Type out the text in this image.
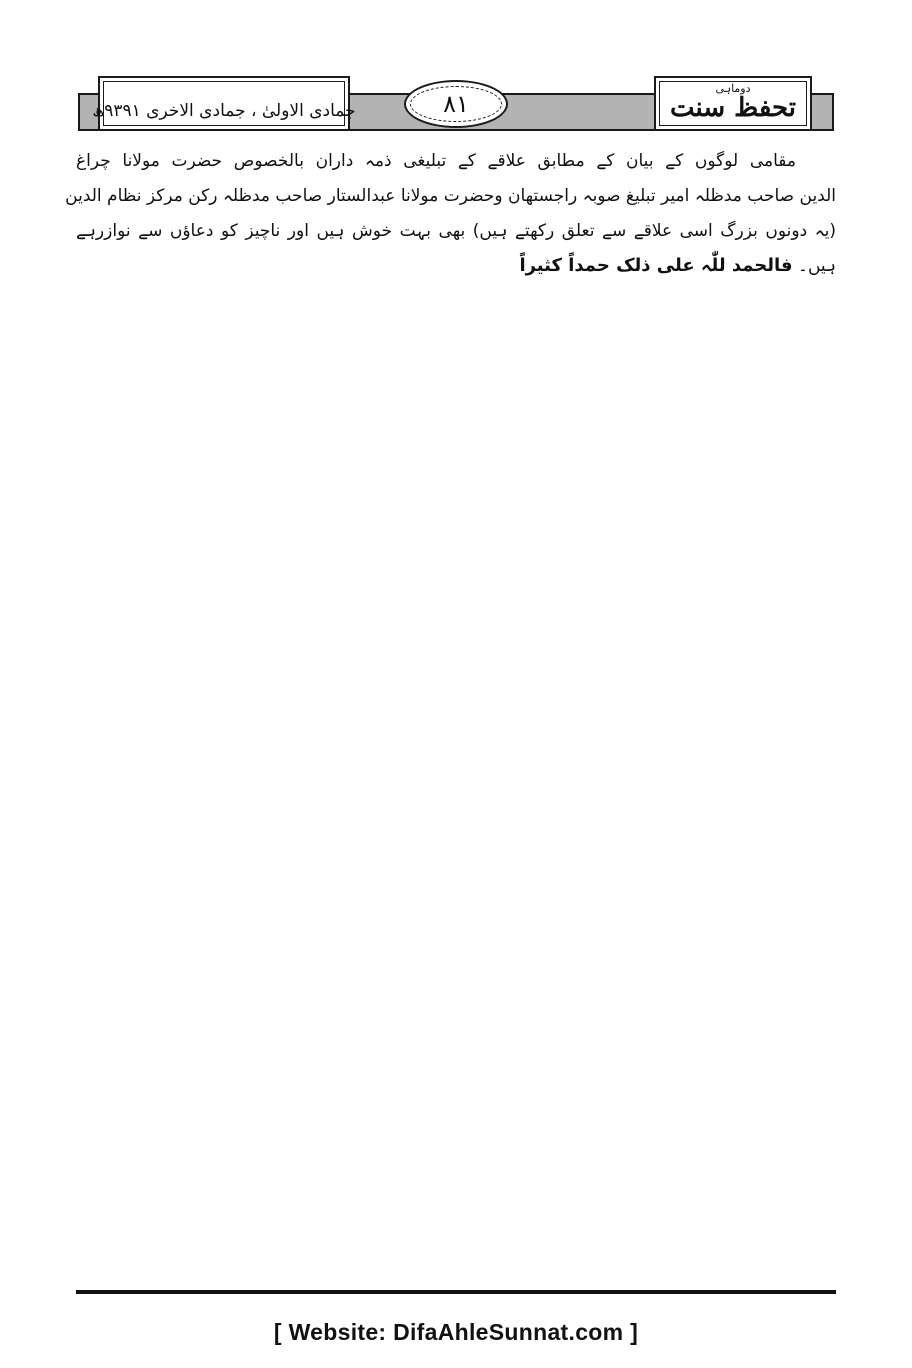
جمادی الاولیٰ ، جمادی الاخری ۹۳۹۱ھ	۸۱
دوماہی
تحفظ سنت
مقامی لوگوں کے بیان کے مطابق علاقے کے تبلیغی ذمہ داران بالخصوص حضرت مولانا چراغ
الدین صاحب مدظلہ امیر تبلیغ صوبہ راجستھان وحضرت مولانا عبدالستار صاحب مدظلہ رکن مرکز نظام الدین
(یہ دونوں بزرگ اسی علاقے سے تعلق رکھتے ہیں) بھی بہت خوش ہیں اور ناچیز کو دعاؤں سے نوازرہے
ہیں۔ فالحمد للّٰہ علی ذلک حمداً کثیراً
[ Website: DifaAhleSunnat.com ]
